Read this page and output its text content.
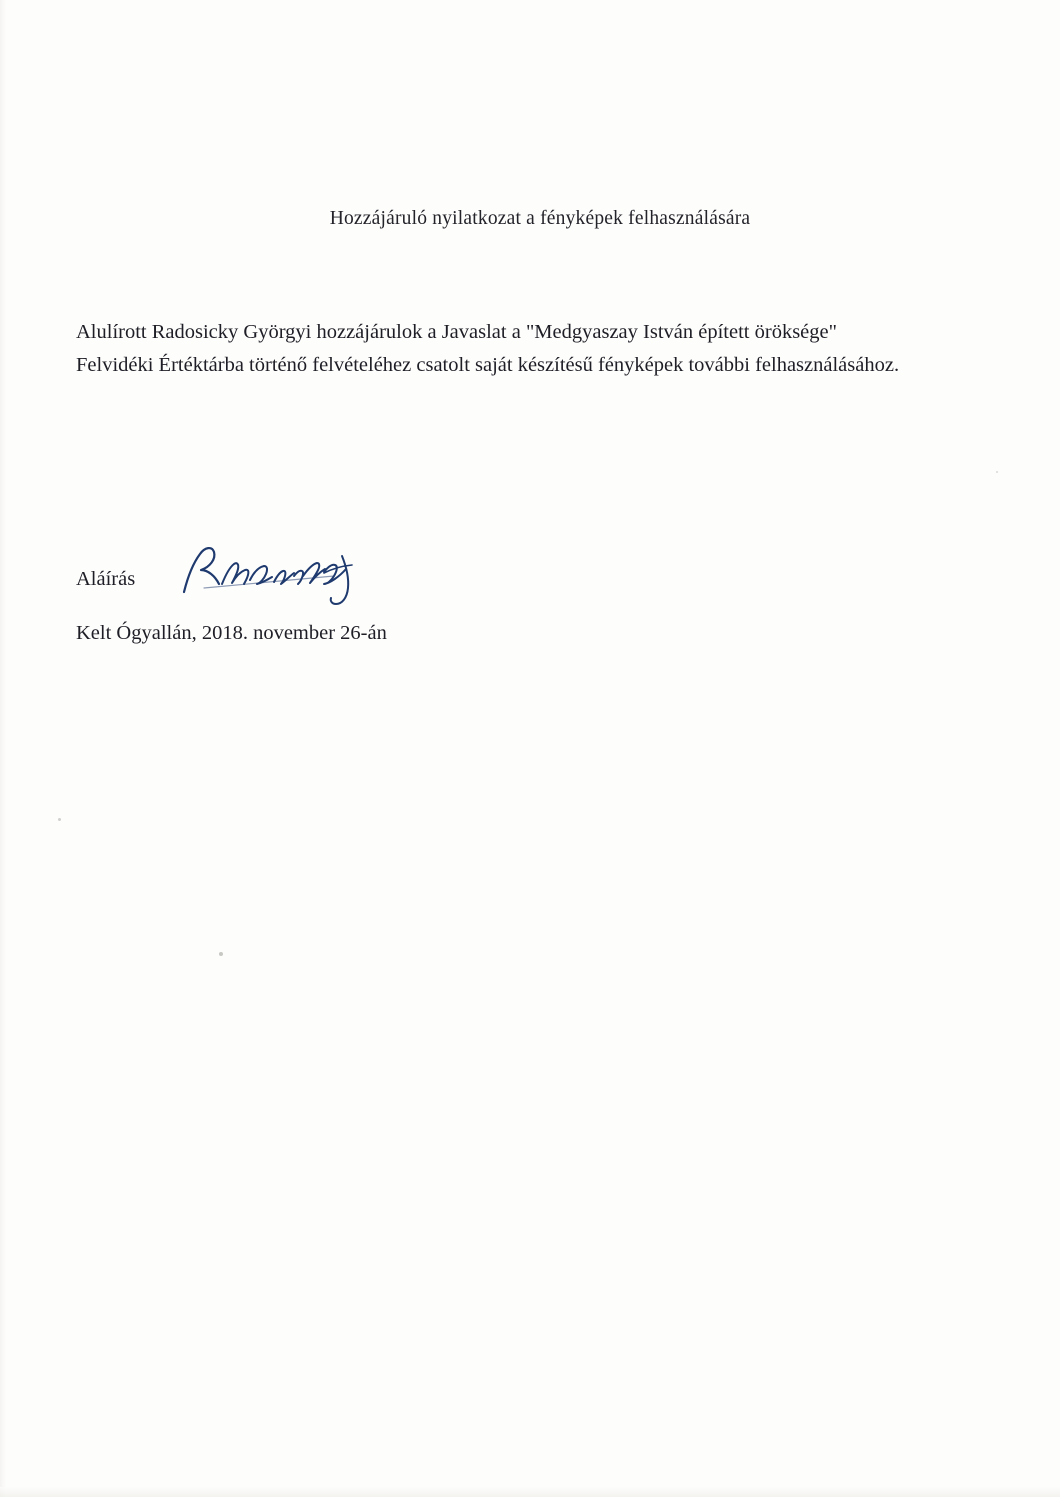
Hozzájáruló nyilatkozat a fényképek felhasználására
Alulírott Radosicky Györgyi hozzájárulok a Javaslat a "Medgyaszay István épített öröksége"
Felvidéki Értéktárba történő felvételéhez csatolt saját készítésű fényképek további felhasználásához.
Aláírás
Kelt Ógyallán, 2018. november 26-án
